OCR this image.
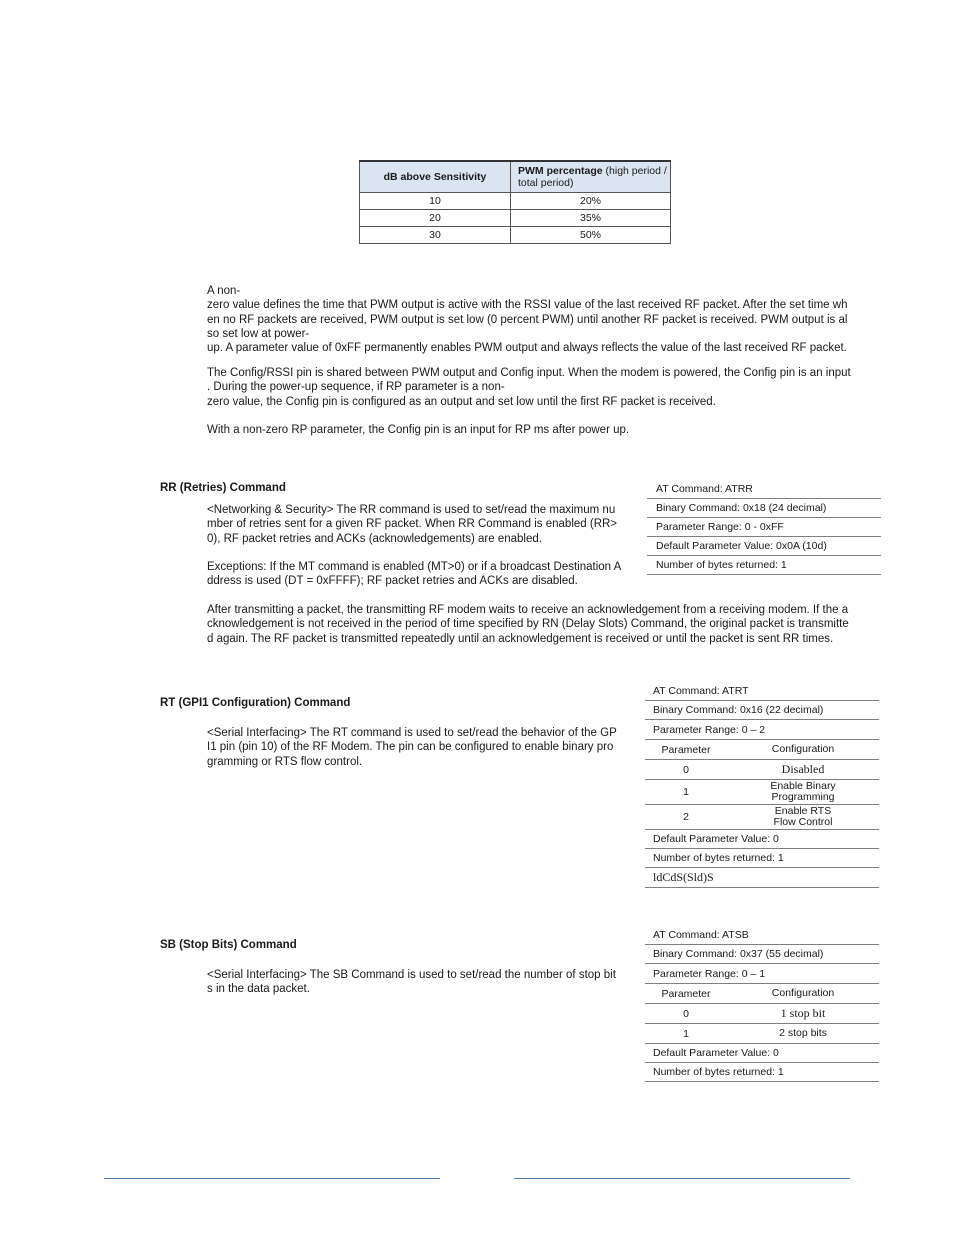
dB above Sensitivity	PWM percentage (high period / total period)
10	20%
20	35%
30	50%
A non-
zero value defines the time that PWM output is active with the RSSI value of the last received RF packet. After the set time wh
en no RF packets are received, PWM output is set low (0 percent PWM) until another RF packet is received. PWM output is al
so set low at power-
up. A parameter value of 0xFF permanently enables PWM output and always reflects the value of the last received RF packet.
The Config/RSSI pin is shared between PWM output and Config input. When the modem is powered, the Config pin is an input
. During the power-up sequence, if RP parameter is a non-
zero value, the Config pin is configured as an output and set low until the first RF packet is received.
With a non-zero RP parameter, the Config pin is an input for RP ms after power up.
RR (Retries) Command
<Networking & Security> The RR command is used to set/read the maximum nu
mber of retries sent for a given RF packet. When RR Command is enabled (RR>
0), RF packet retries and ACKs (acknowledgements) are enabled.
Exceptions: If the MT command is enabled (MT>0) or if a broadcast Destination A
ddress is used (DT = 0xFFFF); RF packet retries and ACKs are disabled.
After transmitting a packet, the transmitting RF modem waits to receive an acknowledgement from a receiving modem. If the a
cknowledgement is not received in the period of time specified by RN (Delay Slots) Command, the original packet is transmitte
d again. The RF packet is transmitted repeatedly until an acknowledgement is received or until the packet is sent RR times.
AT Command: ATRR
Binary Command: 0x18 (24 decimal)
Parameter Range: 0 - 0xFF
Default Parameter Value: 0x0A (10d)
Number of bytes returned: 1
RT (GPI1 Configuration) Command
<Serial Interfacing> The RT command is used to set/read the behavior of the GP
I1 pin (pin 10) of the RF Modem. The pin can be configured to enable binary pro
gramming or RTS flow control.
AT Command: ATRT
Binary Command: 0x16 (22 decimal)
Parameter Range: 0 – 2
Parameter	Configuration
0	Disabled
1	Enable Binary
Programming
2	Enable RTS
Flow Control
Default Parameter Value: 0
Number of bytes returned: 1
ldCdS(Sld)S
SB (Stop Bits) Command
<Serial Interfacing> The SB Command is used to set/read the number of stop bit
s in the data packet.
AT Command: ATSB
Binary Command: 0x37 (55 decimal)
Parameter Range: 0 – 1
Parameter	Configuration
0	1 stop bit
1	2 stop bits
Default Parameter Value: 0
Number of bytes returned: 1
